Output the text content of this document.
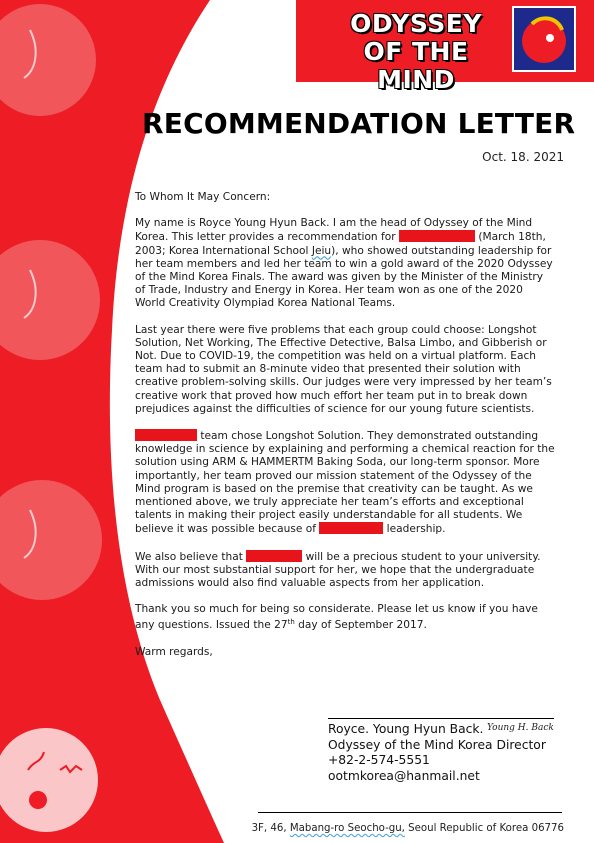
ODYSSEY
OF THE MIND
RECOMMENDATION LETTER
Oct. 18. 2021

To Whom It May Concern:

My name is Royce Young Hyun Back. I am the head of Odyssey of the Mind Korea. This letter provides a recommendation for	(March 18th, 2003; Korea International School Jeiu), who showed outstanding leadership for her team members and led her team to win a gold award of the 2020 Odyssey of the Mind Korea Finals. The award was given by the Minister of the Ministry of Trade, Industry and Energy in Korea. Her team won as one of the 2020 World Creativity Olympiad Korea National Teams.

Last year there were five problems that each group could choose: Longshot Solution, Net Working, The Effective Detective, Balsa Limbo, and Gibberish or Not. Due to COVID-19, the competition was held on a virtual platform. Each team had to submit an 8-minute video that presented their solution with creative problem-solving skills. Our judges were very impressed by her team’s creative work that proved how much effort her team put in to break down prejudices against the difficulties of science for our young future scientists.

team chose Longshot Solution. They demonstrated outstanding knowledge in science by explaining and performing a chemical reaction for the solution using ARM & HAMMERTM Baking Soda, our long-term sponsor. More importantly, her team proved our mission statement of the Odyssey of the Mind program is based on the premise that creativity can be taught. As we mentioned above, we truly appreciate her team’s efforts and exceptional talents in making their project easily understandable for all students. We believe it was possible because of	leadership.

We also believe that	will be a precious student to your university. With our most substantial support for her, we hope that the undergraduate admissions would also find valuable aspects from her application.

Thank you so much for being so considerate. Please let us know if you have any questions. Issued the 27th day of September 2017.

Warm regards,

Young H. Back
Royce. Young Hyun Back.
Odyssey of the Mind Korea Director
+82-2-574-5551
ootmkorea@hanmail.net
3F, 46, Mabang-ro Seocho-gu, Seoul Republic of Korea 06776
